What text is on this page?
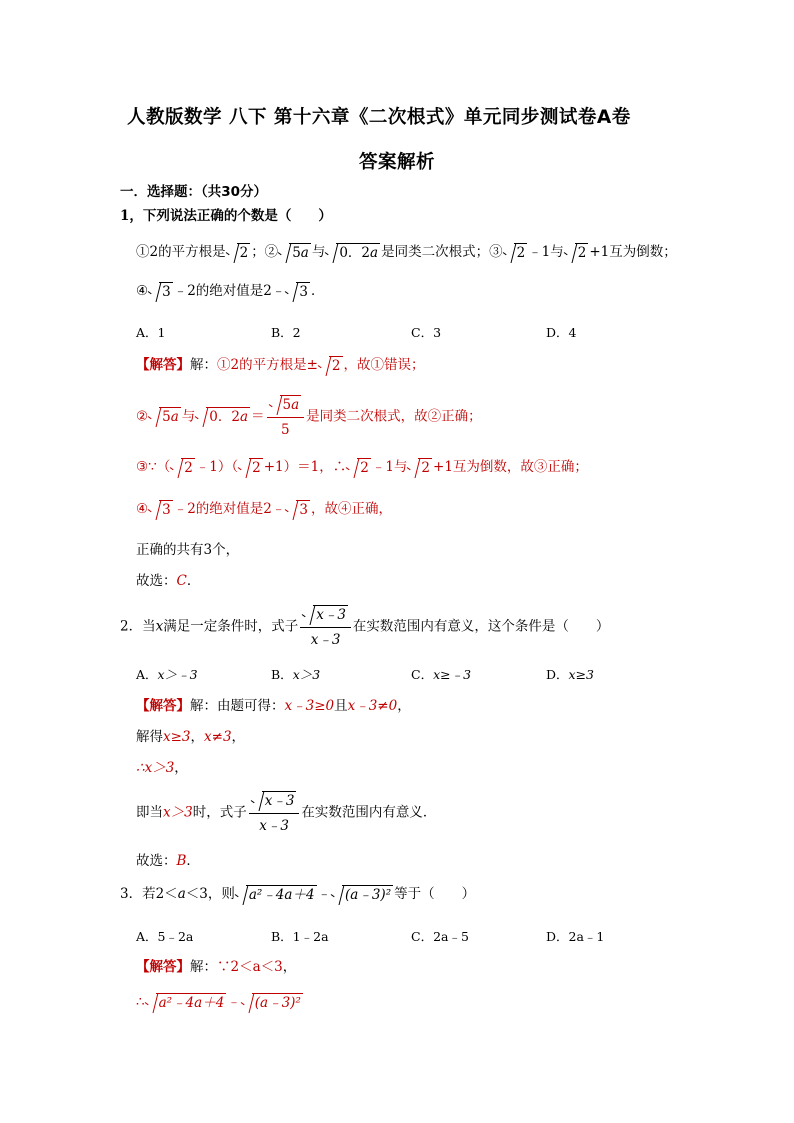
人教版数学 八下 第十六章《二次根式》单元同步测试卷A卷
答案解析
一．选择题：（共30分）
1，下列说法正确的个数是（　　）
①2的平方根是 2 ；② 5a 与 0．2a 是同类二次根式；③ 2 ﹣1与 2 +1互为倒数；
④ 3 ﹣2的绝对值是2﹣ 3 ．
A．1	B．2	C．3	D．4
【解答】解：①2的平方根是± 2 ，故①错误；
② 5a 与 0．$2a = \frac{5a}{5}$ 是同类二次根式，故②正确；
③∵（ 2 ﹣1）（ 2 +1）＝1，∴ 2 ﹣1与 2 +1互为倒数，故③正确；
④ 3 ﹣2的绝对值是2﹣ 3 ，故④正确，
正确的共有3个，
故选：C．
2．当x满足一定条件时，式子 $\frac{x﹣3}{x﹣3}$ 在实数范围内有意义，这个条件是（　　）
A．x＞﹣3	B．x＞3	C．x≥﹣3	D．x≥3
【解答】解：由题可得：x﹣3≥0且x﹣3≠0，
解得x≥3，x≠3，
∴x＞3，
即当x＞3时，式子 $\frac{x﹣3}{x﹣3}$ 在实数范围内有意义．
故选：B．
3．若2＜a＜3，则 a²﹣4a＋4 ﹣ (a﹣3)² 等于（　　）
A．5﹣2a	B．1﹣2a	C．2a﹣5	D．2a﹣1
【解答】解：∵2＜a＜3，
∴ a²﹣4a＋4 ﹣ (a﹣3)²
